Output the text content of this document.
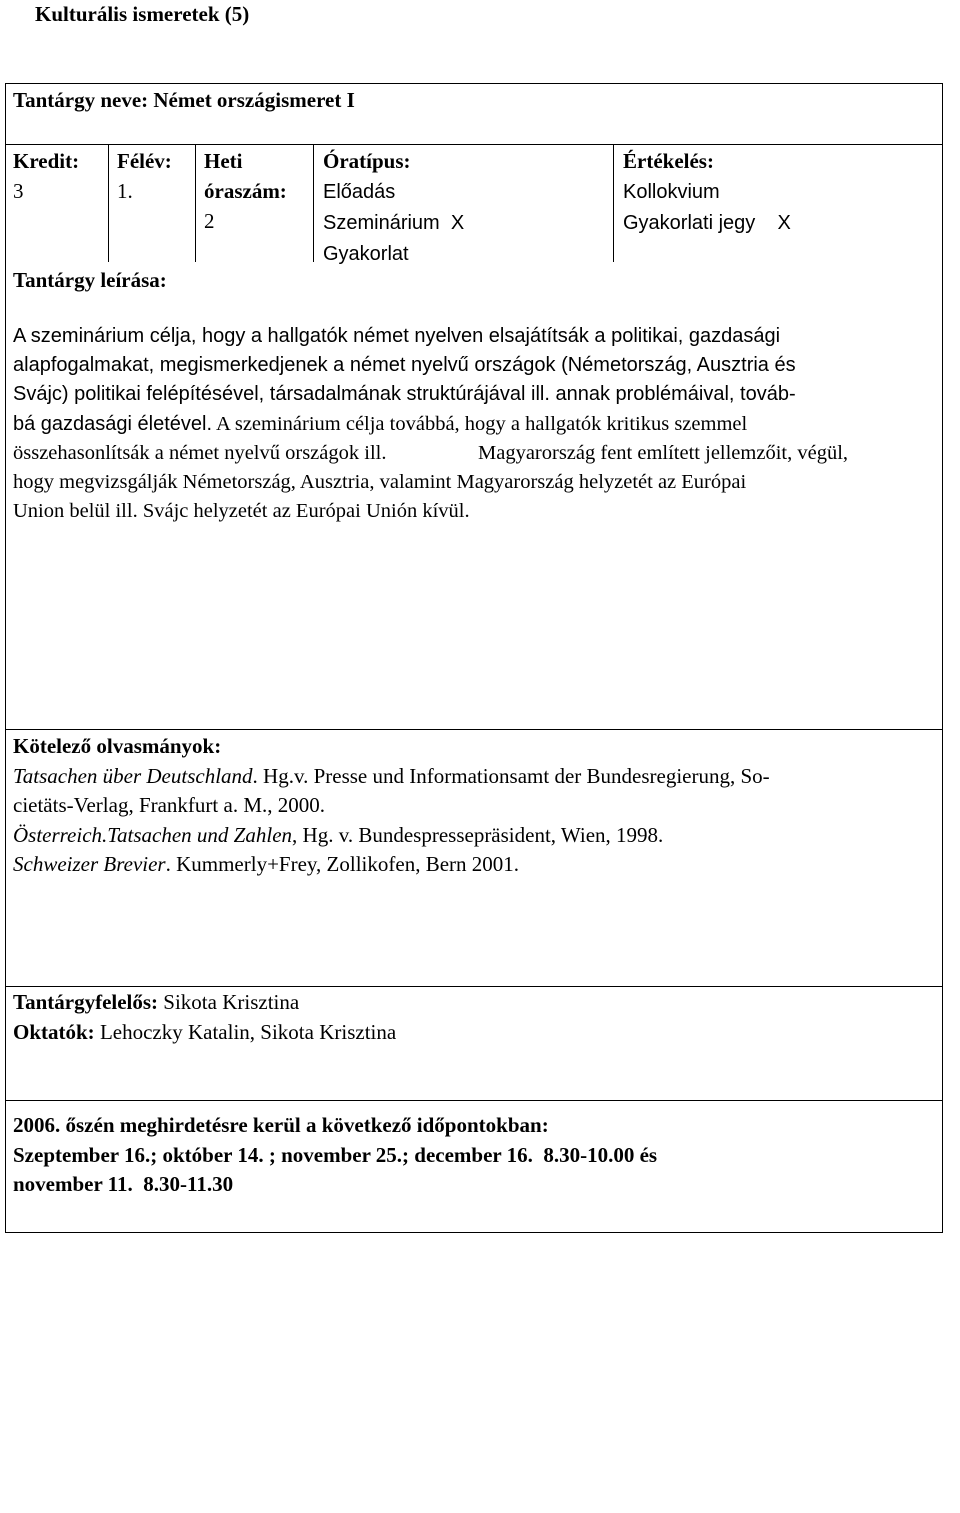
Kulturális ismeretek (5)
Tantárgy neve: Német országismeret I
Kredit:
3
Félév:
1.
Heti
óraszám:
2
Óratípus:
Előadás
Szeminárium  X
Gyakorlat
Értékelés:
Kollokvium
Gyakorlati jegy    X
Tantárgy leírása:
A szeminárium célja, hogy a hallgatók német nyelven elsajátítsák a politikai, gazdasági
alapfogalmakat, megismerkedjenek a német nyelvű országok (Németország, Ausztria és
Svájc) politikai felépítésével, társadalmának struktúrájával ill. annak problémáival, továb-
bá gazdasági életével. A szeminárium célja továbbá, hogy a hallgatók kritikus szemmel
összehasonlítsák a német nyelvű országok ill.	Magyarország fent említett jellemzőit, végül,
hogy megvizsgálják Németország, Ausztria, valamint Magyarország helyzetét az Európai
Union belül ill. Svájc helyzetét az Európai Unión kívül.
Kötelező olvasmányok:
Tatsachen über Deutschland. Hg.v. Presse und Informationsamt der Bundesregierung, So-
cietäts-Verlag, Frankfurt a. M., 2000.
Österreich.Tatsachen und Zahlen, Hg. v. Bundespressepräsident, Wien, 1998.
Schweizer Brevier. Kummerly+Frey, Zollikofen, Bern 2001.
Tantárgyfelelős: Sikota Krisztina
Oktatók: Lehoczky Katalin, Sikota Krisztina
2006. őszén meghirdetésre kerül a következő időpontokban:
Szeptember 16.; október 14. ; november 25.; december 16.  8.30-10.00 és
november 11.  8.30-11.30
